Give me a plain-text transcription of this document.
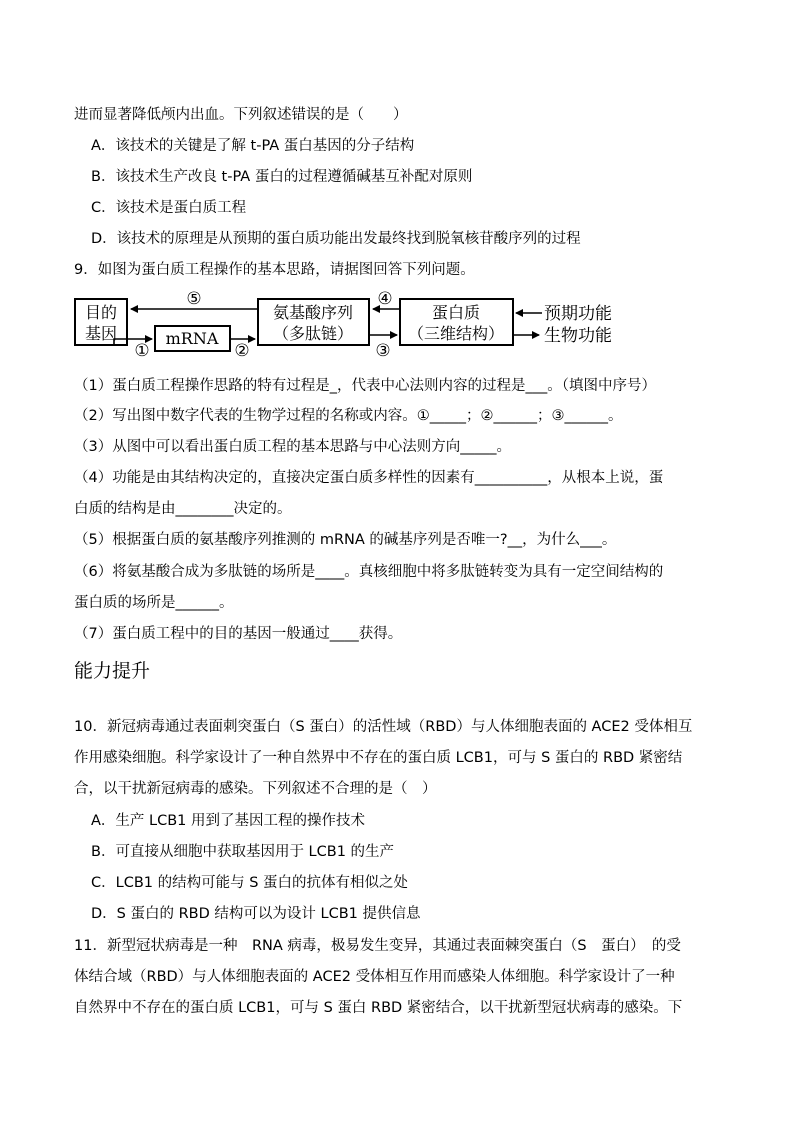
进而显著降低颅内出血。下列叙述错误的是（　　）
A．该技术的关键是了解 t-PA 蛋白基因的分子结构
B．该技术生产改良 t-PA 蛋白的过程遵循碱基互补配对原则
C．该技术是蛋白质工程
D．该技术的原理是从预期的蛋白质功能出发最终找到脱氧核苷酸序列的过程
9．如图为蛋白质工程操作的基本思路，请据图回答下列问题。
目的
基因	mRNA
氨基酸序列
（多肽链）
蛋白质
（三维结构）
⑤
①	②
④
③
预期功能
生物功能
（1）蛋白质工程操作思路的特有过程是_，代表中心法则内容的过程是___。（填图中序号）
（2）写出图中数字代表的生物学过程的名称或内容。①_____；②______；③______。
（3）从图中可以看出蛋白质工程的基本思路与中心法则方向_____。
（4）功能是由其结构决定的，直接决定蛋白质多样性的因素有__________，从根本上说，蛋
白质的结构是由________决定的。
（5）根据蛋白质的氨基酸序列推测的 mRNA 的碱基序列是否唯一?__，为什么___。
（6）将氨基酸合成为多肽链的场所是____。真核细胞中将多肽链转变为具有一定空间结构的
蛋白质的场所是______。
（7）蛋白质工程中的目的基因一般通过____获得。
能力提升
10．新冠病毒通过表面刺突蛋白（S 蛋白）的活性域（RBD）与人体细胞表面的 ACE2 受体相互
作用感染细胞。科学家设计了一种自然界中不存在的蛋白质 LCB1，可与 S 蛋白的 RBD 紧密结
合，以干扰新冠病毒的感染。下列叙述不合理的是（　）
A．生产 LCB1 用到了基因工程的操作技术
B．可直接从细胞中获取基因用于 LCB1 的生产
C．LCB1 的结构可能与 S 蛋白的抗体有相似之处
D．S 蛋白的 RBD 结构可以为设计 LCB1 提供信息
11．新型冠状病毒是一种　RNA 病毒，极易发生变异，其通过表面棘突蛋白（S　蛋白）　的受
体结合域（RBD）与人体细胞表面的 ACE2 受体相互作用而感染人体细胞。科学家设计了一种
自然界中不存在的蛋白质 LCB1，可与 S 蛋白 RBD 紧密结合，以干扰新型冠状病毒的感染。下
